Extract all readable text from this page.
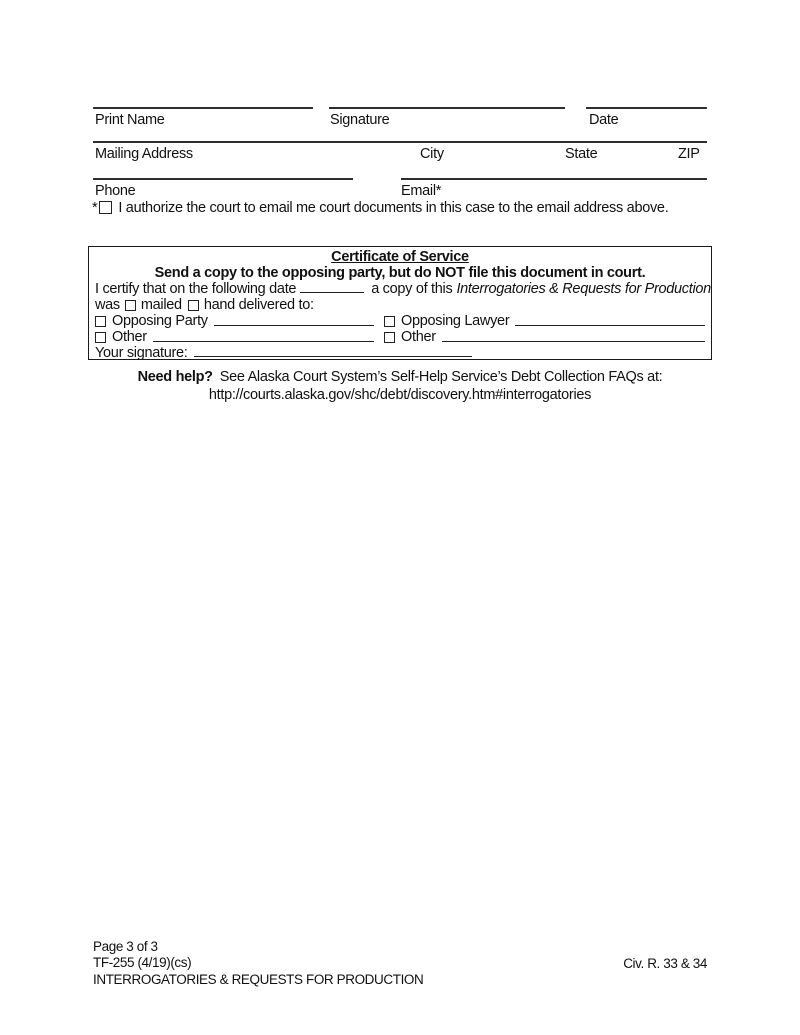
Print Name	Signature	Date
Mailing Address	City	State	ZIP
Phone	Email*
* I authorize the court to email me court documents in this case to the email address above.
Certificate of Service
Send a copy to the opposing party, but do NOT file this document in court.
I certify that on the following date	a copy of this Interrogatories & Requests for Production
was mailed hand delivered to:
Opposing Party	Opposing Lawyer
Other	Other
Your signature:
Need help? See Alaska Court System’s Self-Help Service’s Debt Collection FAQs at:
http://courts.alaska.gov/shc/debt/discovery.htm#interrogatories
Page 3 of 3
TF-255 (4/19)(cs)
INTERROGATORIES & REQUESTS FOR PRODUCTION
Civ. R. 33 & 34
